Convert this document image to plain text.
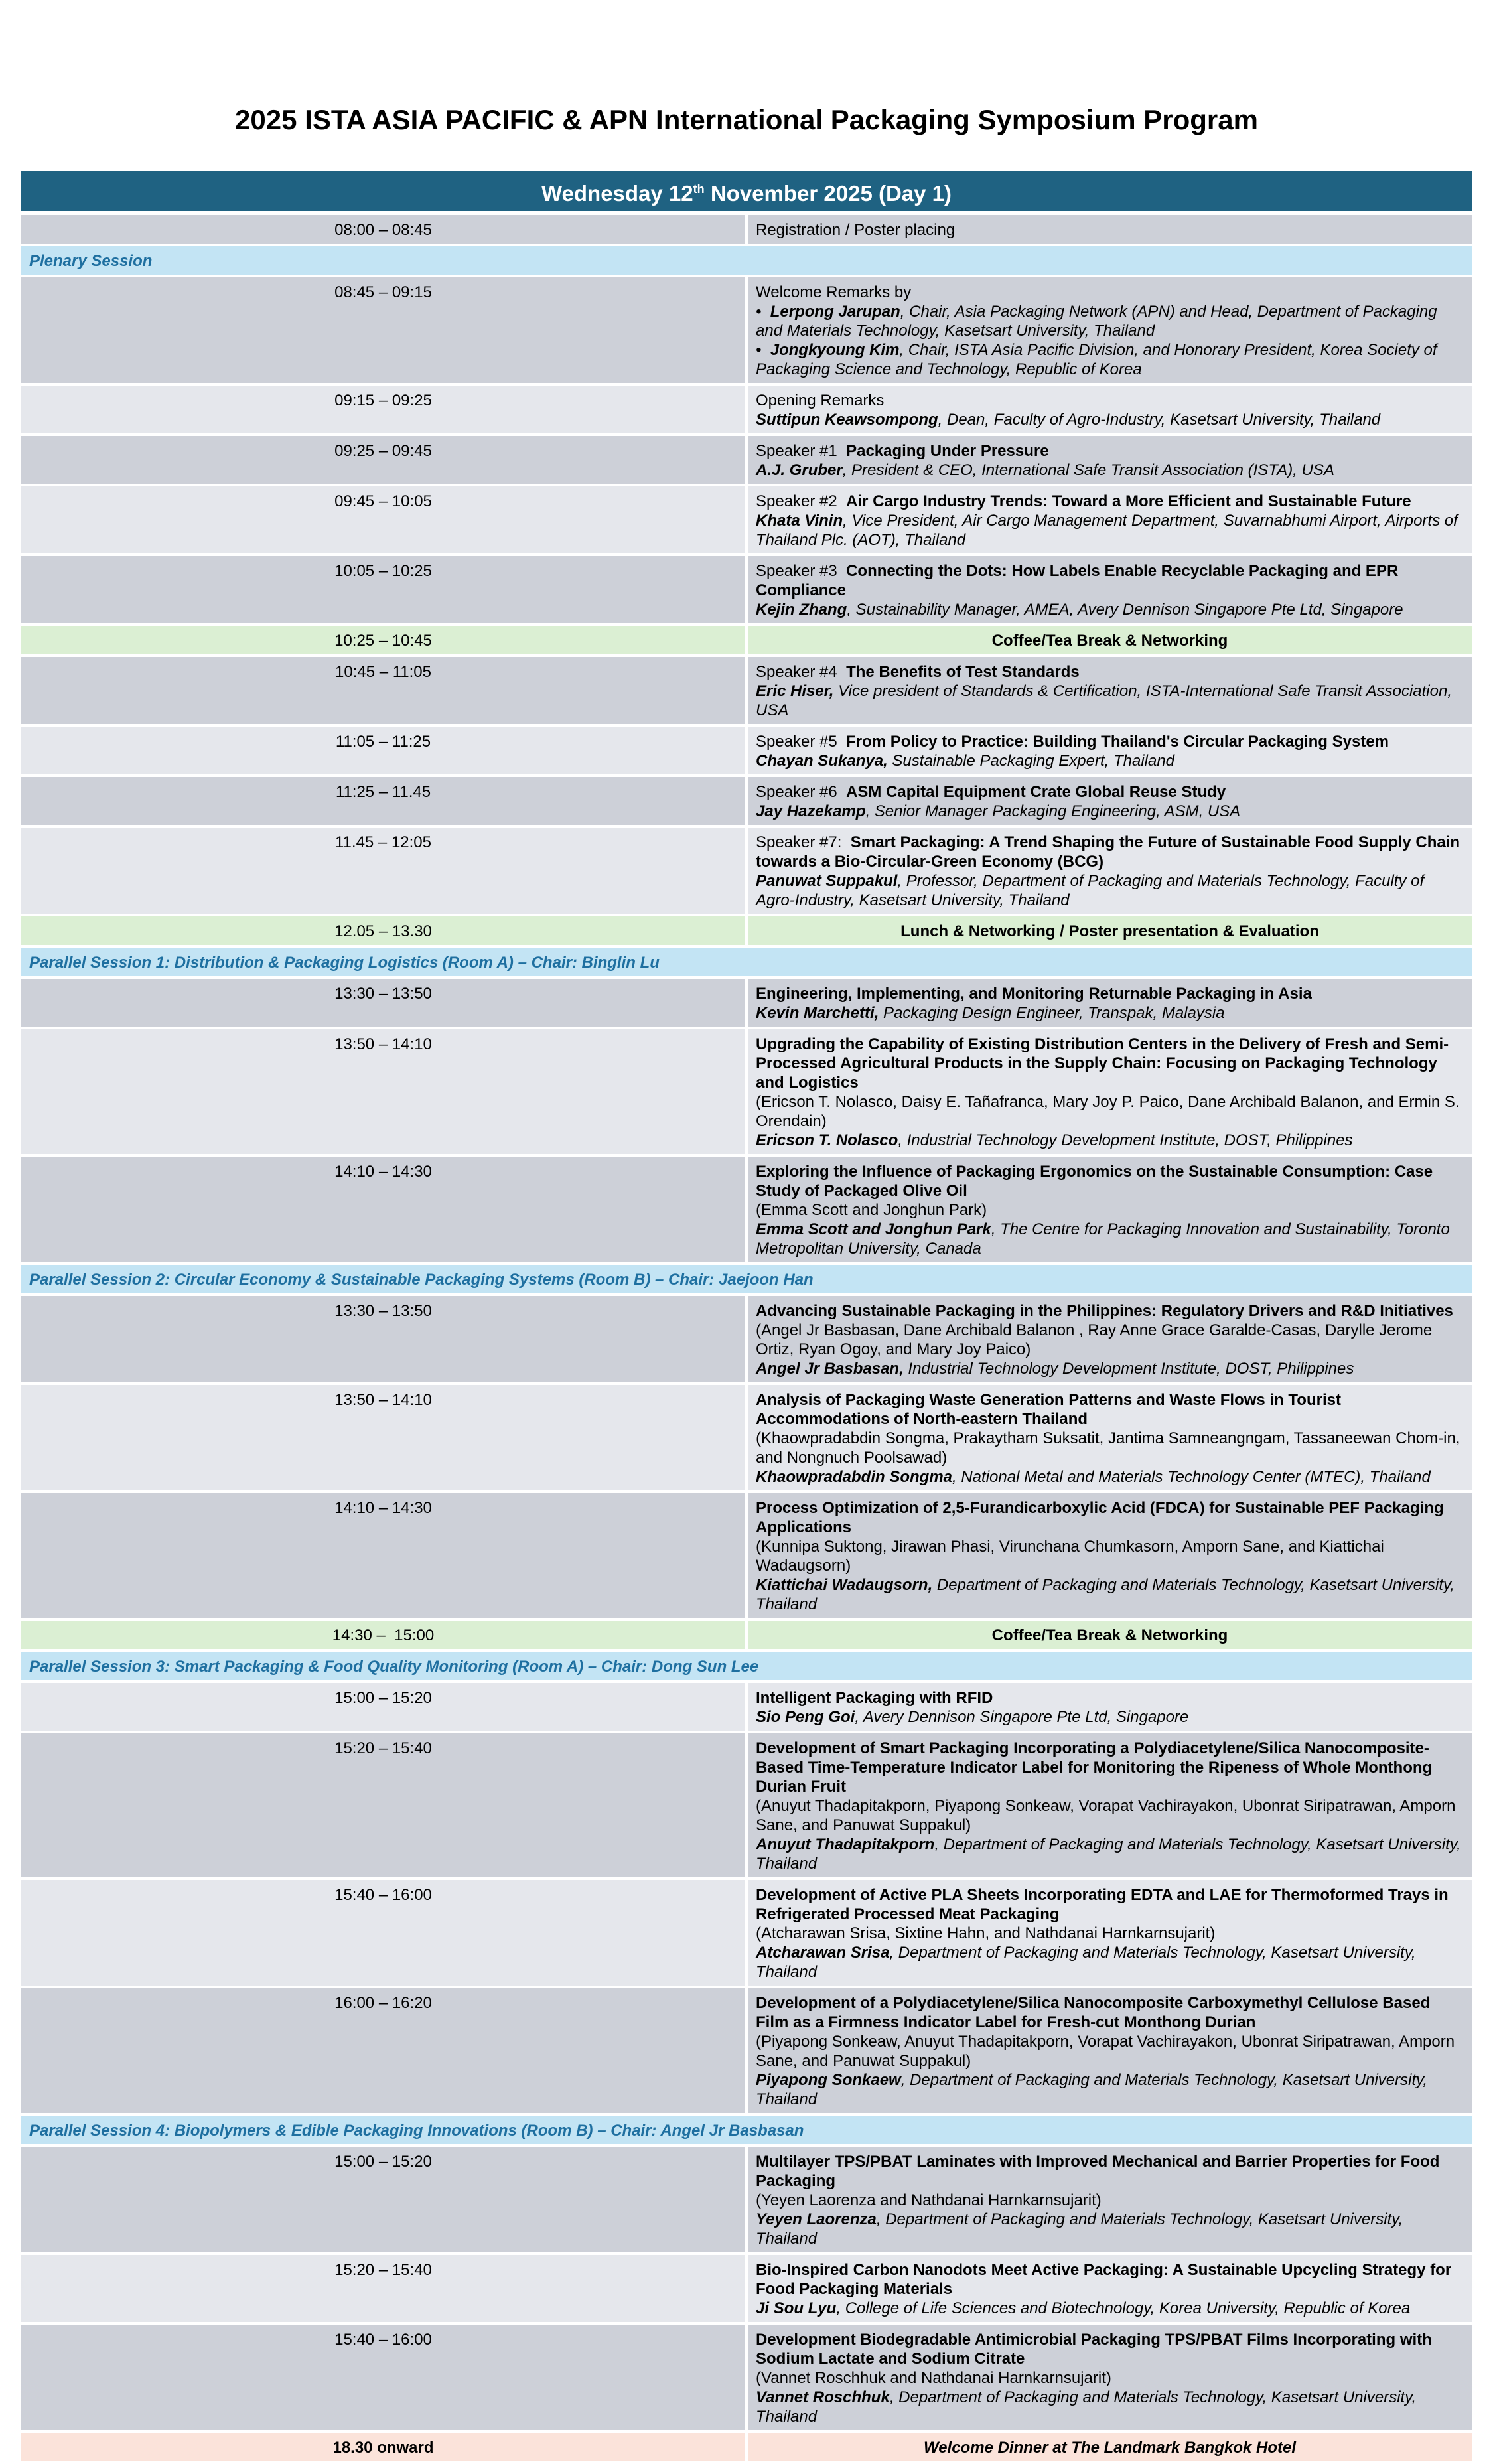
2025 ISTA ASIA PACIFIC & APN International Packaging Symposium Program
Wednesday 12th November 2025 (Day 1)	
08:00 – 08:45	Registration / Poster placing
Plenary Session	
08:45 – 09:15	Welcome Remarks by
•  Lerpong Jarupan, Chair, Asia Packaging Network (APN) and Head, Department of Packaging and Materials Technology, Kasetsart University, Thailand
•  Jongkyoung Kim, Chair, ISTA Asia Pacific Division, and Honorary President, Korea Society of Packaging Science and Technology, Republic of Korea

09:15 – 09:25	Opening Remarks
Suttipun Keawsompong, Dean, Faculty of Agro-Industry, Kasetsart University, Thailand

09:25 – 09:45	Speaker #1  Packaging Under Pressure
A.J. Gruber, President & CEO, International Safe Transit Association (ISTA), USA

09:45 – 10:05	Speaker #2  Air Cargo Industry Trends: Toward a More Efficient and Sustainable Future
Khata Vinin, Vice President, Air Cargo Management Department, Suvarnabhumi Airport, Airports of Thailand Plc. (AOT), Thailand

10:05 – 10:25	Speaker #3  Connecting the Dots: How Labels Enable Recyclable Packaging and EPR Compliance
Kejin Zhang, Sustainability Manager, AMEA, Avery Dennison Singapore Pte Ltd, Singapore

10:25 – 10:45	Coffee/Tea Break & Networking
10:45 – 11:05	Speaker #4  The Benefits of Test Standards
Eric Hiser, Vice president of Standards & Certification, ISTA-International Safe Transit Association, USA

11:05 – 11:25	Speaker #5  From Policy to Practice: Building Thailand's Circular Packaging System
Chayan Sukanya, Sustainable Packaging Expert, Thailand

11:25 – 11.45	Speaker #6  ASM Capital Equipment Crate Global Reuse Study
Jay Hazekamp, Senior Manager Packaging Engineering, ASM, USA

11.45 – 12:05	Speaker #7:  Smart Packaging: A Trend Shaping the Future of Sustainable Food Supply Chain towards a Bio-Circular-Green Economy (BCG)
Panuwat Suppakul, Professor, Department of Packaging and Materials Technology, Faculty of Agro-Industry, Kasetsart University, Thailand

12.05 – 13.30	Lunch & Networking / Poster presentation & Evaluation
Parallel Session 1: Distribution & Packaging Logistics (Room A) – Chair: Binglin Lu	
13:30 – 13:50	Engineering, Implementing, and Monitoring Returnable Packaging in Asia
Kevin Marchetti, Packaging Design Engineer, Transpak, Malaysia

13:50 – 14:10	Upgrading the Capability of Existing Distribution Centers in the Delivery of Fresh and Semi-Processed Agricultural Products in the Supply Chain: Focusing on Packaging Technology and Logistics
(Ericson T. Nolasco, Daisy E. Tañafranca, Mary Joy P. Paico, Dane Archibald Balanon, and Ermin S. Orendain)
Ericson T. Nolasco, Industrial Technology Development Institute, DOST, Philippines

14:10 – 14:30	Exploring the Influence of Packaging Ergonomics on the Sustainable Consumption: Case Study of Packaged Olive Oil
(Emma Scott and Jonghun Park)
Emma Scott and Jonghun Park, The Centre for Packaging Innovation and Sustainability, Toronto Metropolitan University, Canada

Parallel Session 2: Circular Economy & Sustainable Packaging Systems (Room B) – Chair: Jaejoon Han	
13:30 – 13:50	Advancing Sustainable Packaging in the Philippines: Regulatory Drivers and R&D Initiatives
(Angel Jr Basbasan, Dane Archibald Balanon , Ray Anne Grace Garalde-Casas, Darylle Jerome Ortiz, Ryan Ogoy, and Mary Joy Paico)
Angel Jr Basbasan, Industrial Technology Development Institute, DOST, Philippines

13:50 – 14:10	Analysis of Packaging Waste Generation Patterns and Waste Flows in Tourist Accommodations of North-eastern Thailand
(Khaowpradabdin Songma, Prakaytham Suksatit, Jantima Samneangngam, Tassaneewan Chom-in, and Nongnuch Poolsawad)
Khaowpradabdin Songma, National Metal and Materials Technology Center (MTEC), Thailand

14:10 – 14:30	Process Optimization of 2,5-Furandicarboxylic Acid (FDCA) for Sustainable PEF Packaging Applications
(Kunnipa Suktong, Jirawan Phasi, Virunchana Chumkasorn, Amporn Sane, and Kiattichai Wadaugsorn)
Kiattichai Wadaugsorn, Department of Packaging and Materials Technology, Kasetsart University, Thailand

14:30 –  15:00	Coffee/Tea Break & Networking
Parallel Session 3: Smart Packaging & Food Quality Monitoring (Room A) – Chair: Dong Sun Lee	
15:00 – 15:20	Intelligent Packaging with RFID
Sio Peng Goi, Avery Dennison Singapore Pte Ltd, Singapore

15:20 – 15:40	Development of Smart Packaging Incorporating a Polydiacetylene/Silica Nanocomposite-Based Time-Temperature Indicator Label for Monitoring the Ripeness of Whole Monthong Durian Fruit
(Anuyut Thadapitakporn, Piyapong Sonkeaw, Vorapat Vachirayakon, Ubonrat Siripatrawan, Amporn Sane, and Panuwat Suppakul)
Anuyut Thadapitakporn, Department of Packaging and Materials Technology, Kasetsart University, Thailand

15:40 – 16:00	Development of Active PLA Sheets Incorporating EDTA and LAE for Thermoformed Trays in Refrigerated Processed Meat Packaging
(Atcharawan Srisa, Sixtine Hahn, and Nathdanai Harnkarnsujarit)
Atcharawan Srisa, Department of Packaging and Materials Technology, Kasetsart University, Thailand

16:00 – 16:20	Development of a Polydiacetylene/Silica Nanocomposite Carboxymethyl Cellulose Based Film as a Firmness Indicator Label for Fresh-cut Monthong Durian
(Piyapong Sonkeaw, Anuyut Thadapitakporn, Vorapat Vachirayakon, Ubonrat Siripatrawan, Amporn Sane, and Panuwat Suppakul)
Piyapong Sonkaew, Department of Packaging and Materials Technology, Kasetsart University, Thailand

Parallel Session 4: Biopolymers & Edible Packaging Innovations (Room B) – Chair: Angel Jr Basbasan	
15:00 – 15:20	Multilayer TPS/PBAT Laminates with Improved Mechanical and Barrier Properties for Food Packaging
(Yeyen Laorenza and Nathdanai Harnkarnsujarit)
Yeyen Laorenza, Department of Packaging and Materials Technology, Kasetsart University, Thailand

15:20 – 15:40	Bio-Inspired Carbon Nanodots Meet Active Packaging: A Sustainable Upcycling Strategy for Food Packaging Materials
Ji Sou Lyu, College of Life Sciences and Biotechnology, Korea University, Republic of Korea

15:40 – 16:00	Development Biodegradable Antimicrobial Packaging TPS/PBAT Films Incorporating with Sodium Lactate and Sodium Citrate
(Vannet Roschhuk and Nathdanai Harnkarnsujarit)
Vannet Roschhuk, Department of Packaging and Materials Technology, Kasetsart University, Thailand

18.30 onward	Welcome Dinner at The Landmark Bangkok Hotel
